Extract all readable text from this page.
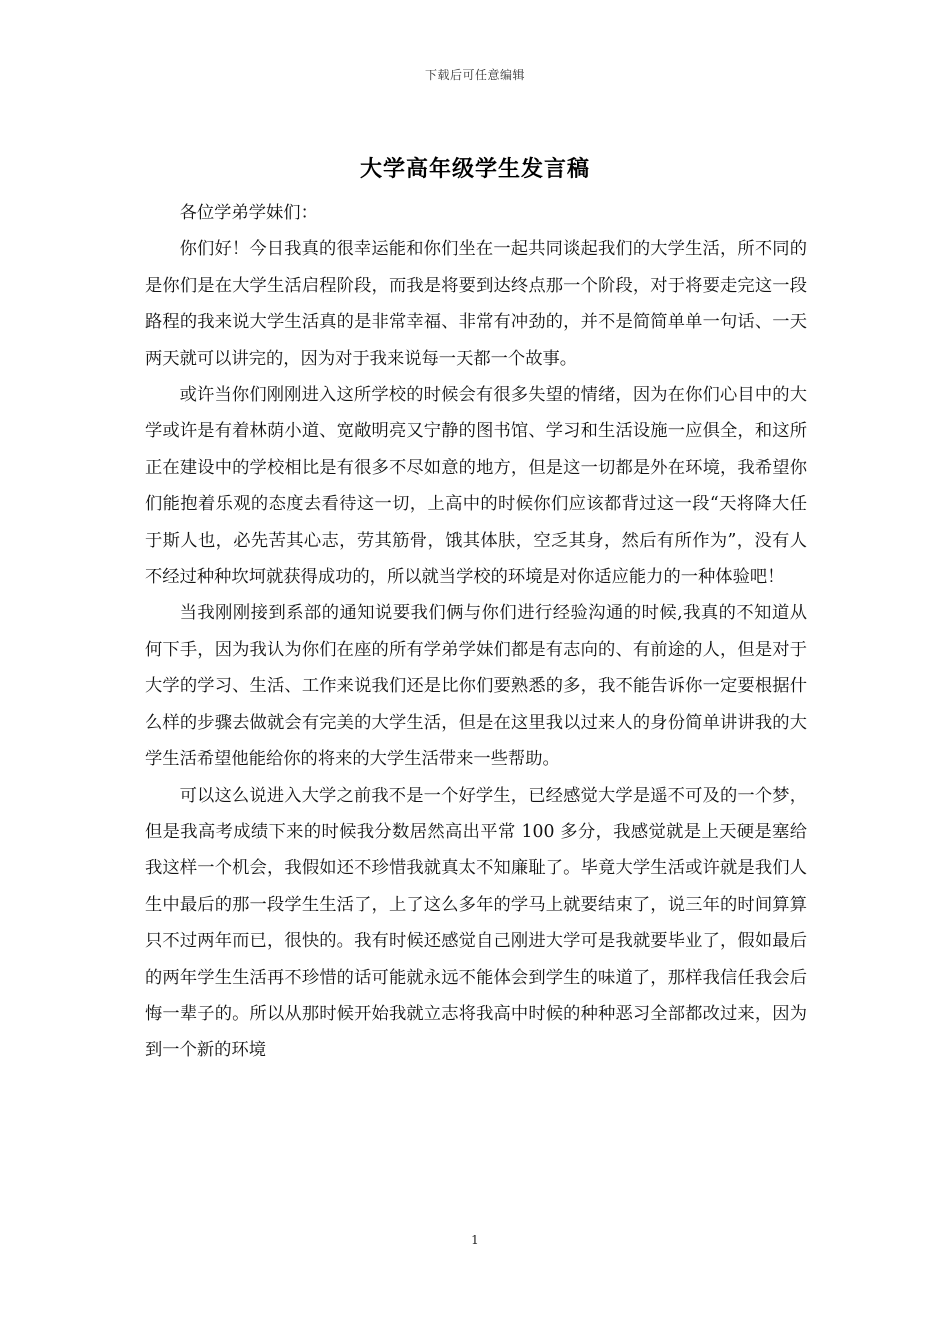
下载后可任意编辑
大学高年级学生发言稿

各位学弟学妹们：

你们好！今日我真的很幸运能和你们坐在一起共同谈起我们的大学生活，所不同的是你们是在大学生活启程阶段，而我是将要到达终点那一个阶段，对于将要走完这一段路程的我来说大学生活真的是非常幸福、非常有冲劲的，并不是简简单单一句话、一天两天就可以讲完的，因为对于我来说每一天都一个故事。

或许当你们刚刚进入这所学校的时候会有很多失望的情绪，因为在你们心目中的大学或许是有着林荫小道、宽敞明亮又宁静的图书馆、学习和生活设施一应俱全，和这所正在建设中的学校相比是有很多不尽如意的地方，但是这一切都是外在环境，我希望你们能抱着乐观的态度去看待这一切，上高中的时候你们应该都背过这一段“天将降大任于斯人也，必先苦其心志，劳其筋骨，饿其体肤，空乏其身，然后有所作为”，没有人不经过种种坎坷就获得成功的，所以就当学校的环境是对你适应能力的一种体验吧！

当我刚刚接到系部的通知说要我们俩与你们进行经验沟通的时候,我真的不知道从何下手，因为我认为你们在座的所有学弟学妹们都是有志向的、有前途的人，但是对于大学的学习、生活、工作来说我们还是比你们要熟悉的多，我不能告诉你一定要根据什么样的步骤去做就会有完美的大学生活，但是在这里我以过来人的身份简单讲讲我的大学生活希望他能给你的将来的大学生活带来一些帮助。

可以这么说进入大学之前我不是一个好学生，已经感觉大学是遥不可及的一个梦，但是我高考成绩下来的时候我分数居然高出平常 100 多分，我感觉就是上天硬是塞给我这样一个机会，我假如还不珍惜我就真太不知廉耻了。毕竟大学生活或许就是我们人生中最后的那一段学生生活了，上了这么多年的学马上就要结束了，说三年的时间算算只不过两年而已，很快的。我有时候还感觉自己刚进大学可是我就要毕业了，假如最后的两年学生生活再不珍惜的话可能就永远不能体会到学生的味道了，那样我信任我会后悔一辈子的。所以从那时候开始我就立志将我高中时候的种种恶习全部都改过来，因为到一个新的环境

1
